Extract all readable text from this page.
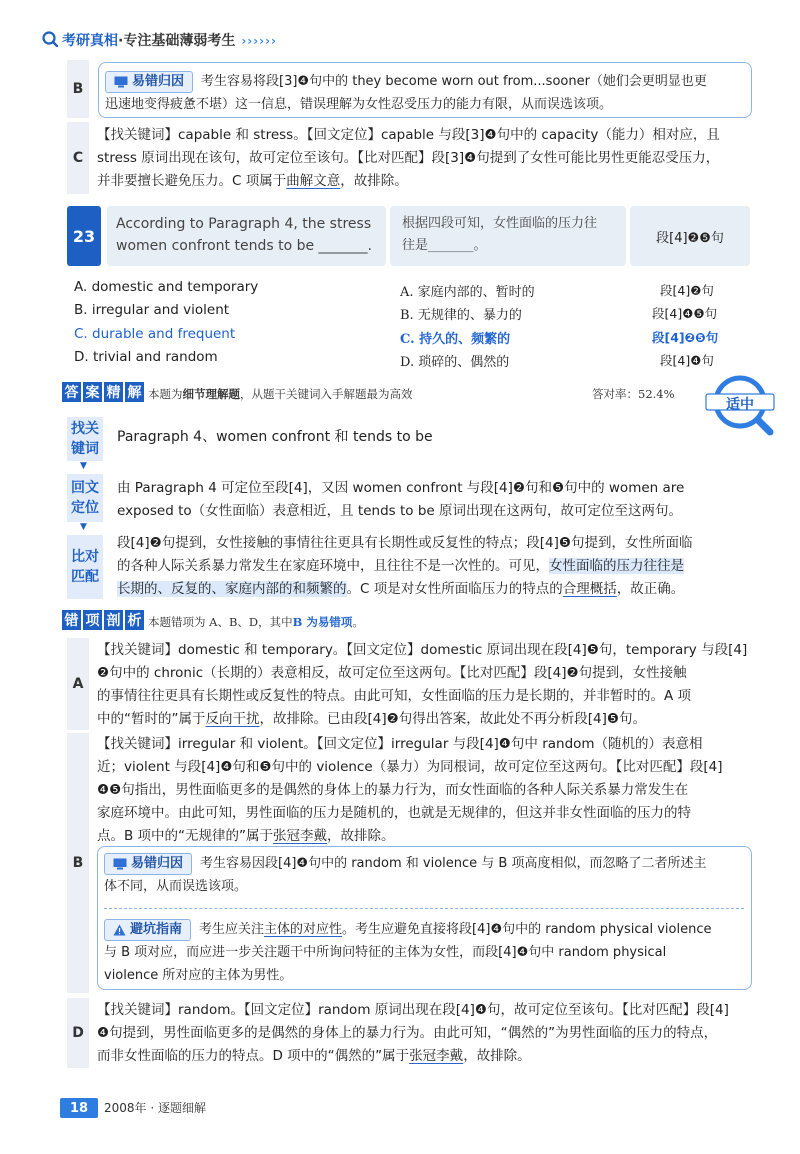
考研真相·专注基础薄弱考生 ››››››
B	易错归因 考生容易将段[3]❹句中的 they become worn out from...sooner（她们会更明显也更
迅速地变得疲惫不堪）这一信息，错误理解为女性忍受压力的能力有限，从而误选该项。
C
【找关键词】capable 和 stress。【回文定位】capable 与段[3]❹句中的 capacity（能力）相对应，且
stress 原词出现在该句，故可定位至该句。【比对匹配】段[3]❹句提到了女性可能比男性更能忍受压力，
并非要擅长避免压力。C 项属于曲解文意，故排除。
23
According to Paragraph 4, the stress
women confront tends to be _______.
根据四段可知，女性面临的压力往
往是_______。	段[4]❷❺句
A. domestic and temporary	A. 家庭内部的、暂时的	段[4]❷句
B. irregular and violent	B. 无规律的、暴力的	段[4]❹❺句
C. durable and frequent	C. 持久的、频繁的	段[4]❷❺句
D. trivial and random	D. 琐碎的、偶然的	段[4]❹句
答 案 精 解 本题为细节理解题，从题干关键词入手解题最为高效	答对率：52.4%
适中
找关
键词
▼
Paragraph 4、women confront 和 tends to be
回文
定位
▼
由 Paragraph 4 可定位至段[4]，又因 women confront 与段[4]❷句和❺句中的 women are
exposed to（女性面临）表意相近，且 tends to be 原词出现在这两句，故可定位至这两句。
比对
匹配
段[4]❷句提到，女性接触的事情往往更具有长期性或反复性的特点；段[4]❺句提到，女性所面临
的各种人际关系暴力常发生在家庭环境中，且往往不是一次性的。可见，女性面临的压力往往是
长期的、反复的、家庭内部的和频繁的。C 项是对女性所面临压力的特点的合理概括，故正确。
错 项 剖 析 本题错项为 A、B、D，其中B 为易错项。
A
【找关键词】domestic 和 temporary。【回文定位】domestic 原词出现在段[4]❺句，temporary 与段[4]
❷句中的 chronic（长期的）表意相反，故可定位至这两句。【比对匹配】段[4]❷句提到，女性接触
的事情往往更具有长期性或反复性的特点。由此可知，女性面临的压力是长期的，并非暂时的。A 项
中的“暂时的”属于反向干扰，故排除。已由段[4]❷句得出答案，故此处不再分析段[4]❺句。
B
【找关键词】irregular 和 violent。【回文定位】irregular 与段[4]❹句中 random（随机的）表意相
近；violent 与段[4]❹句和❺句中的 violence（暴力）为同根词，故可定位至这两句。【比对匹配】段[4]
❹❺句指出，男性面临更多的是偶然的身体上的暴力行为，而女性面临的各种人际关系暴力常发生在
家庭环境中。由此可知，男性面临的压力是随机的，也就是无规律的，但这并非女性面临的压力的特
点。B 项中的“无规律的”属于张冠李戴，故排除。
易错归因 考生容易因段[4]❹句中的 random 和 violence 与 B 项高度相似，而忽略了二者所述主
体不同，从而误选该项。
避坑指南 考生应关注主体的对应性。考生应避免直接将段[4]❹句中的 random physical violence
与 B 项对应，而应进一步关注题干中所询问特征的主体为女性，而段[4]❹句中 random physical
violence 所对应的主体为男性。
D
【找关键词】random。【回文定位】random 原词出现在段[4]❹句，故可定位至该句。【比对匹配】段[4]
❹句提到，男性面临更多的是偶然的身体上的暴力行为。由此可知，“偶然的”为男性面临的压力的特点，
而非女性面临的压力的特点。D 项中的“偶然的”属于张冠李戴，故排除。
18	2008年 · 逐题细解
